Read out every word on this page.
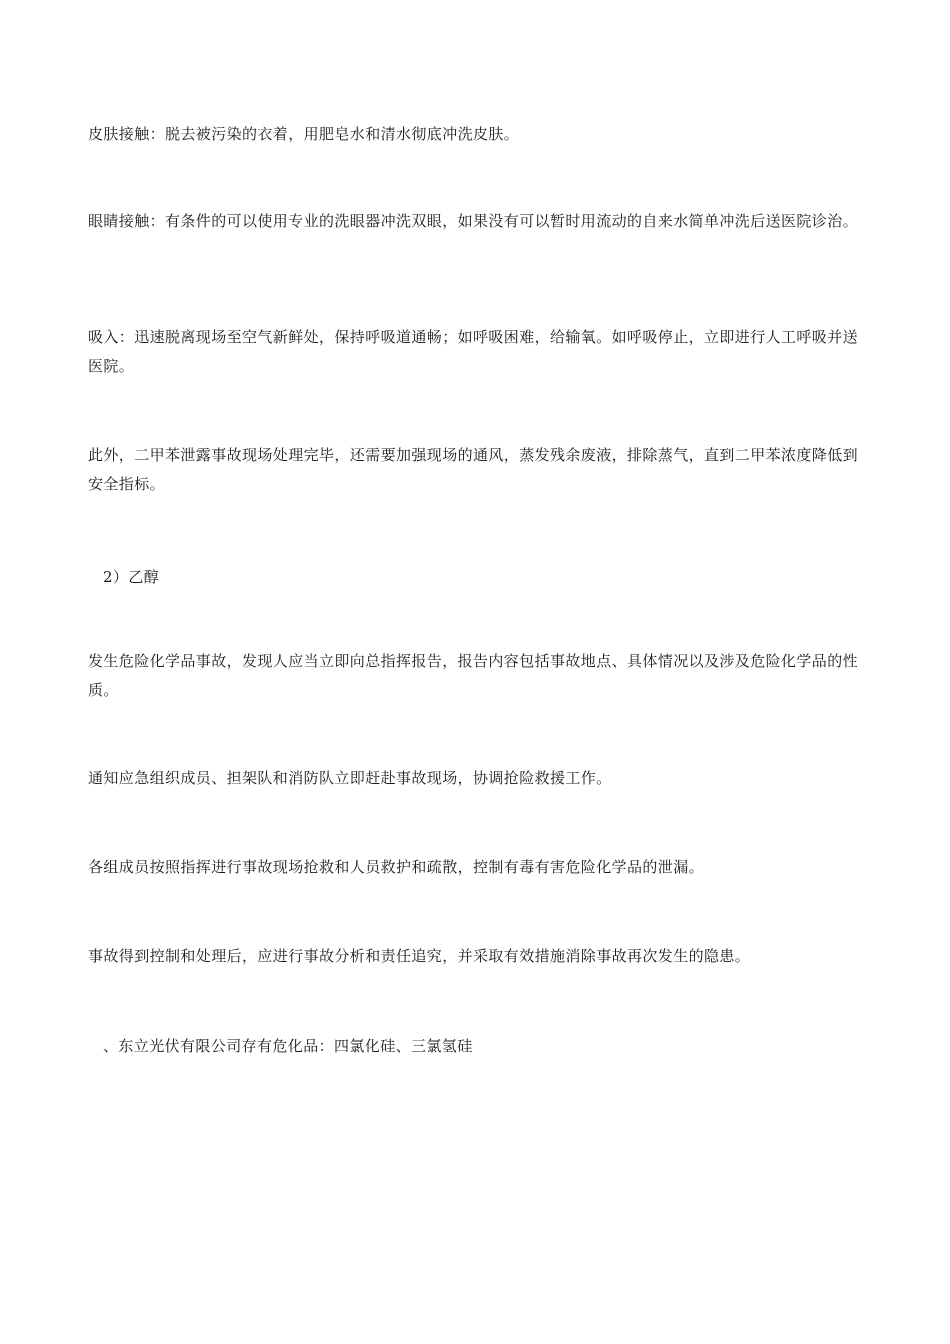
皮肤接触：脱去被污染的衣着，用肥皂水和清水彻底冲洗皮肤。

眼睛接触：有条件的可以使用专业的洗眼器冲洗双眼，如果没有可以暂时用流动的自来水简单冲洗后送医院诊治。

吸入：迅速脱离现场至空气新鲜处，保持呼吸道通畅；如呼吸困难，给输氧。如呼吸停止，立即进行人工呼吸并送医院。

此外，二甲苯泄露事故现场处理完毕，还需要加强现场的通风，蒸发残余废液，排除蒸气，直到二甲苯浓度降低到安全指标。

2）乙醇

发生危险化学品事故，发现人应当立即向总指挥报告，报告内容包括事故地点、具体情况以及涉及危险化学品的性质。

通知应急组织成员、担架队和消防队立即赶赴事故现场，协调抢险救援工作。

各组成员按照指挥进行事故现场抢救和人员救护和疏散，控制有毒有害危险化学品的泄漏。

事故得到控制和处理后，应进行事故分析和责任追究，并采取有效措施消除事故再次发生的隐患。

、东立光伏有限公司存有危化品：四氯化硅、三氯氢硅
